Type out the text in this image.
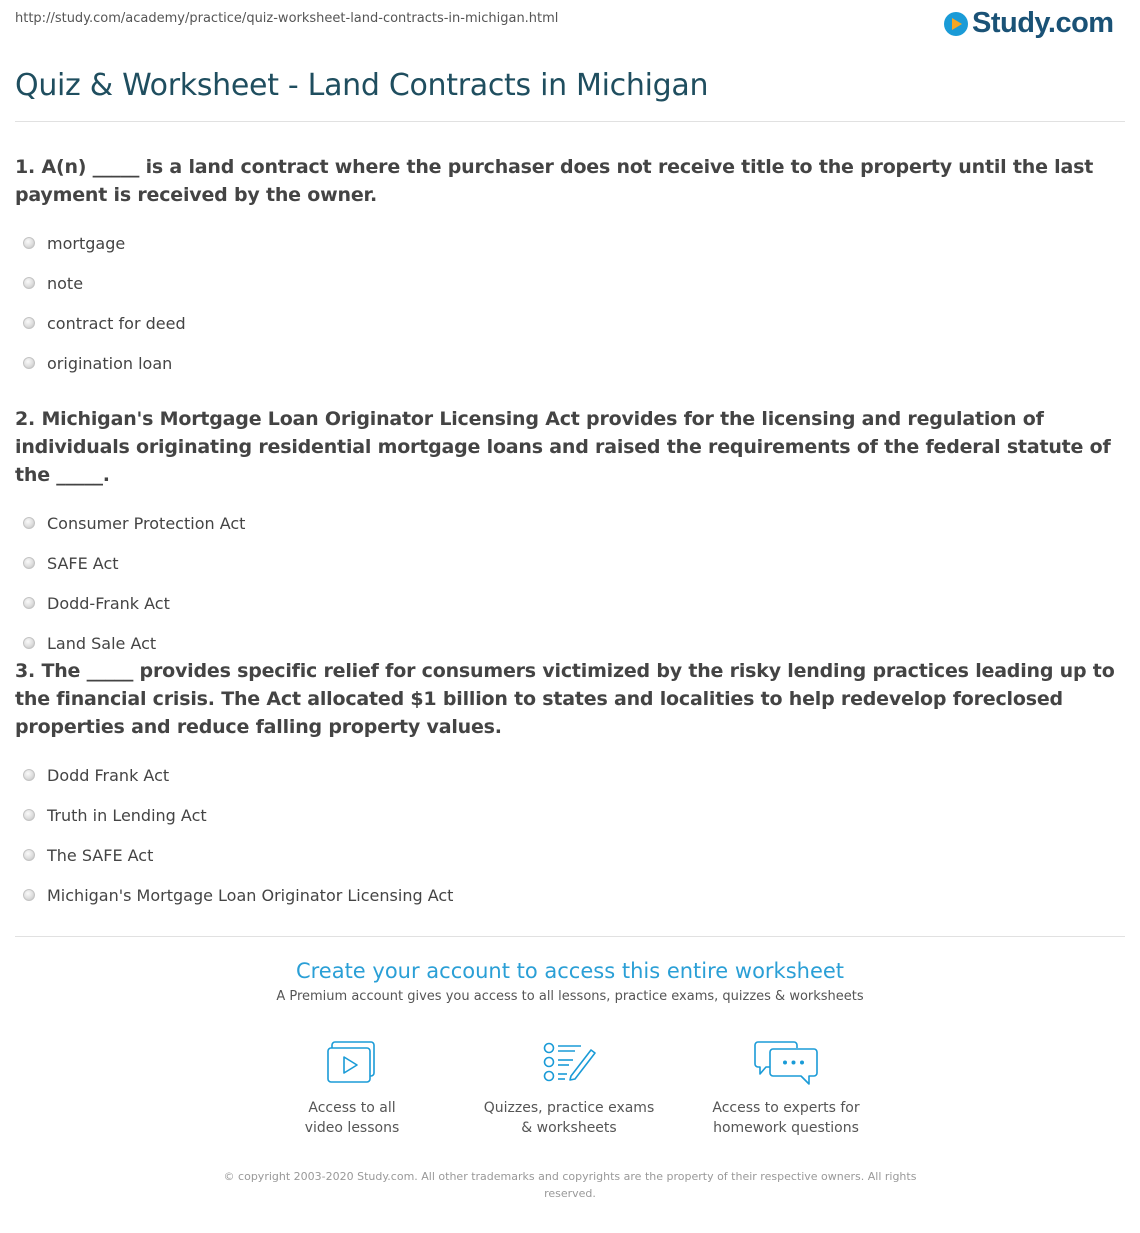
http://study.com/academy/practice/quiz-worksheet-land-contracts-in-michigan.html	Study.com
Quiz & Worksheet - Land Contracts in Michigan
1. A(n) _____ is a land contract where the purchaser does not receive title to the property until the last payment is received by the owner.
mortgage
note
contract for deed
origination loan
2. Michigan's Mortgage Loan Originator Licensing Act provides for the licensing and regulation of individuals originating residential mortgage loans and raised the requirements of the federal statute of the _____.
Consumer Protection Act
SAFE Act
Dodd-Frank Act
Land Sale Act
3. The _____ provides specific relief for consumers victimized by the risky lending practices leading up to the financial crisis. The Act allocated $1 billion to states and localities to help redevelop foreclosed properties and reduce falling property values.
Dodd Frank Act
Truth in Lending Act
The SAFE Act
Michigan's Mortgage Loan Originator Licensing Act
Create your account to access this entire worksheet
A Premium account gives you access to all lessons, practice exams, quizzes & worksheets
Access to all
video lessons
Quizzes, practice exams
& worksheets
Access to experts for
homework questions
© copyright 2003-2020 Study.com. All other trademarks and copyrights are the property of their respective owners. All rights reserved.
